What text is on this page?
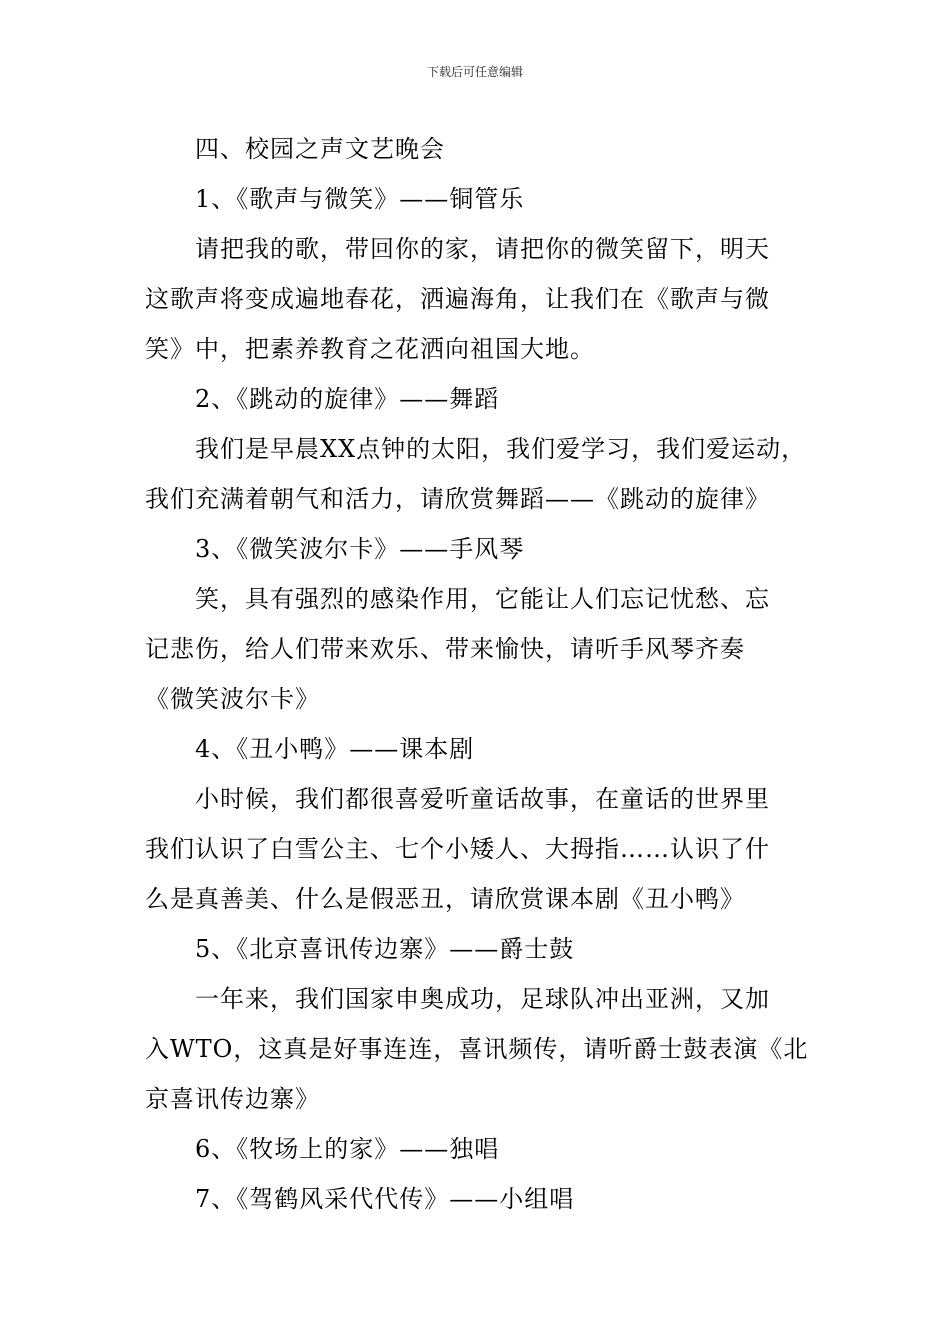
下载后可任意编辑
四、校园之声文艺晚会
1、《歌声与微笑》——铜管乐
请把我的歌，带回你的家，请把你的微笑留下，明天
这歌声将变成遍地春花，洒遍海角，让我们在《歌声与微
笑》中，把素养教育之花洒向祖国大地。
2、《跳动的旋律》——舞蹈
我们是早晨XX点钟的太阳，我们爱学习，我们爱运动，
我们充满着朝气和活力，请欣赏舞蹈——《跳动的旋律》
3、《微笑波尔卡》——手风琴
笑，具有强烈的感染作用，它能让人们忘记忧愁、忘
记悲伤，给人们带来欢乐、带来愉快，请听手风琴齐奏
《微笑波尔卡》
4、《丑小鸭》——课本剧
小时候，我们都很喜爱听童话故事，在童话的世界里
我们认识了白雪公主、七个小矮人、大拇指……认识了什
么是真善美、什么是假恶丑，请欣赏课本剧《丑小鸭》
5、《北京喜讯传边寨》——爵士鼓
一年来，我们国家申奥成功，足球队冲出亚洲，又加
入WTO，这真是好事连连，喜讯频传，请听爵士鼓表演《北
京喜讯传边寨》
6、《牧场上的家》——独唱
7、《驾鹤风采代代传》——小组唱
